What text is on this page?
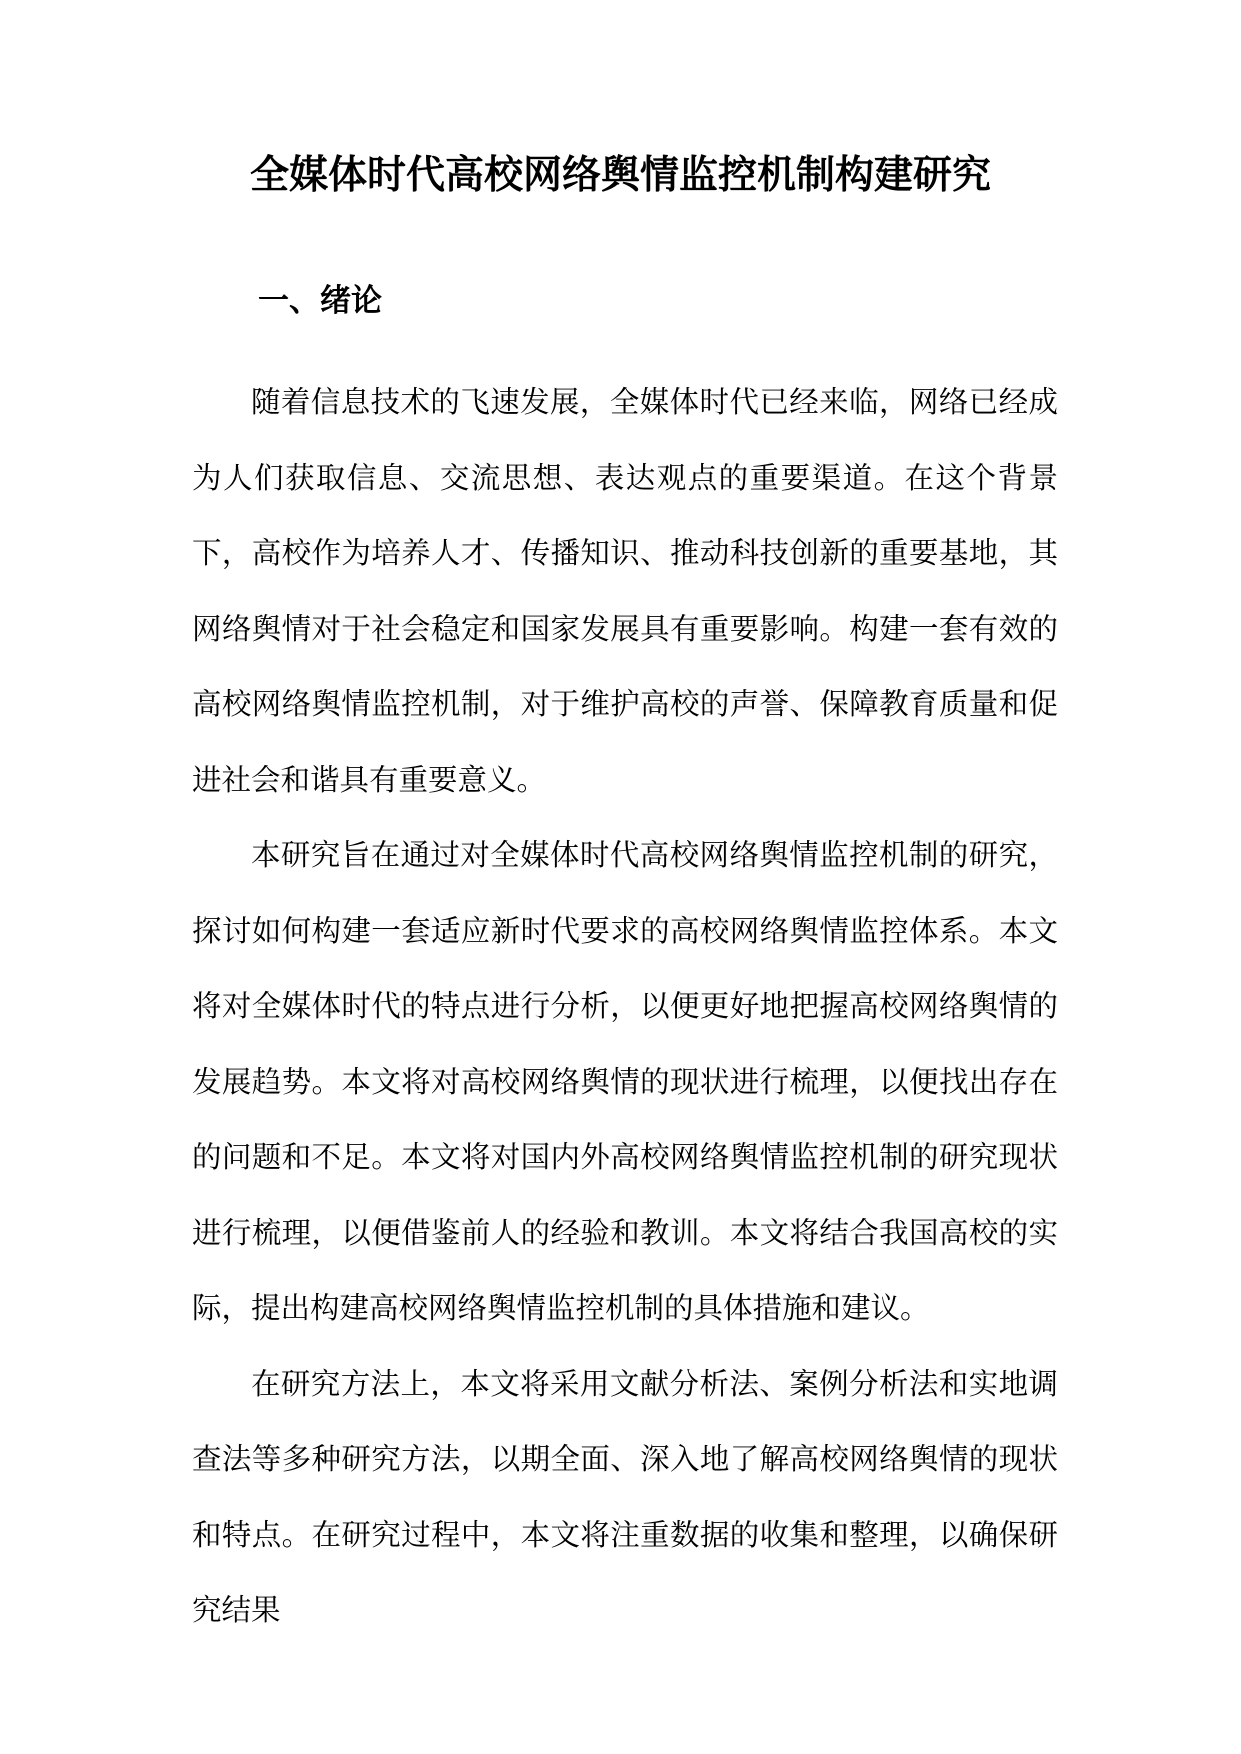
全媒体时代高校网络舆情监控机制构建研究
一、绪论

随着信息技术的飞速发展，全媒体时代已经来临，网络已经成为人们获取信息、交流思想、表达观点的重要渠道。在这个背景下，高校作为培养人才、传播知识、推动科技创新的重要基地，其网络舆情对于社会稳定和国家发展具有重要影响。构建一套有效的高校网络舆情监控机制，对于维护高校的声誉、保障教育质量和促进社会和谐具有重要意义。

本研究旨在通过对全媒体时代高校网络舆情监控机制的研究，探讨如何构建一套适应新时代要求的高校网络舆情监控体系。本文将对全媒体时代的特点进行分析，以便更好地把握高校网络舆情的发展趋势。本文将对高校网络舆情的现状进行梳理，以便找出存在的问题和不足。本文将对国内外高校网络舆情监控机制的研究现状进行梳理，以便借鉴前人的经验和教训。本文将结合我国高校的实际，提出构建高校网络舆情监控机制的具体措施和建议。

在研究方法上，本文将采用文献分析法、案例分析法和实地调查法等多种研究方法，以期全面、深入地了解高校网络舆情的现状和特点。在研究过程中，本文将注重数据的收集和整理，以确保研究结果
